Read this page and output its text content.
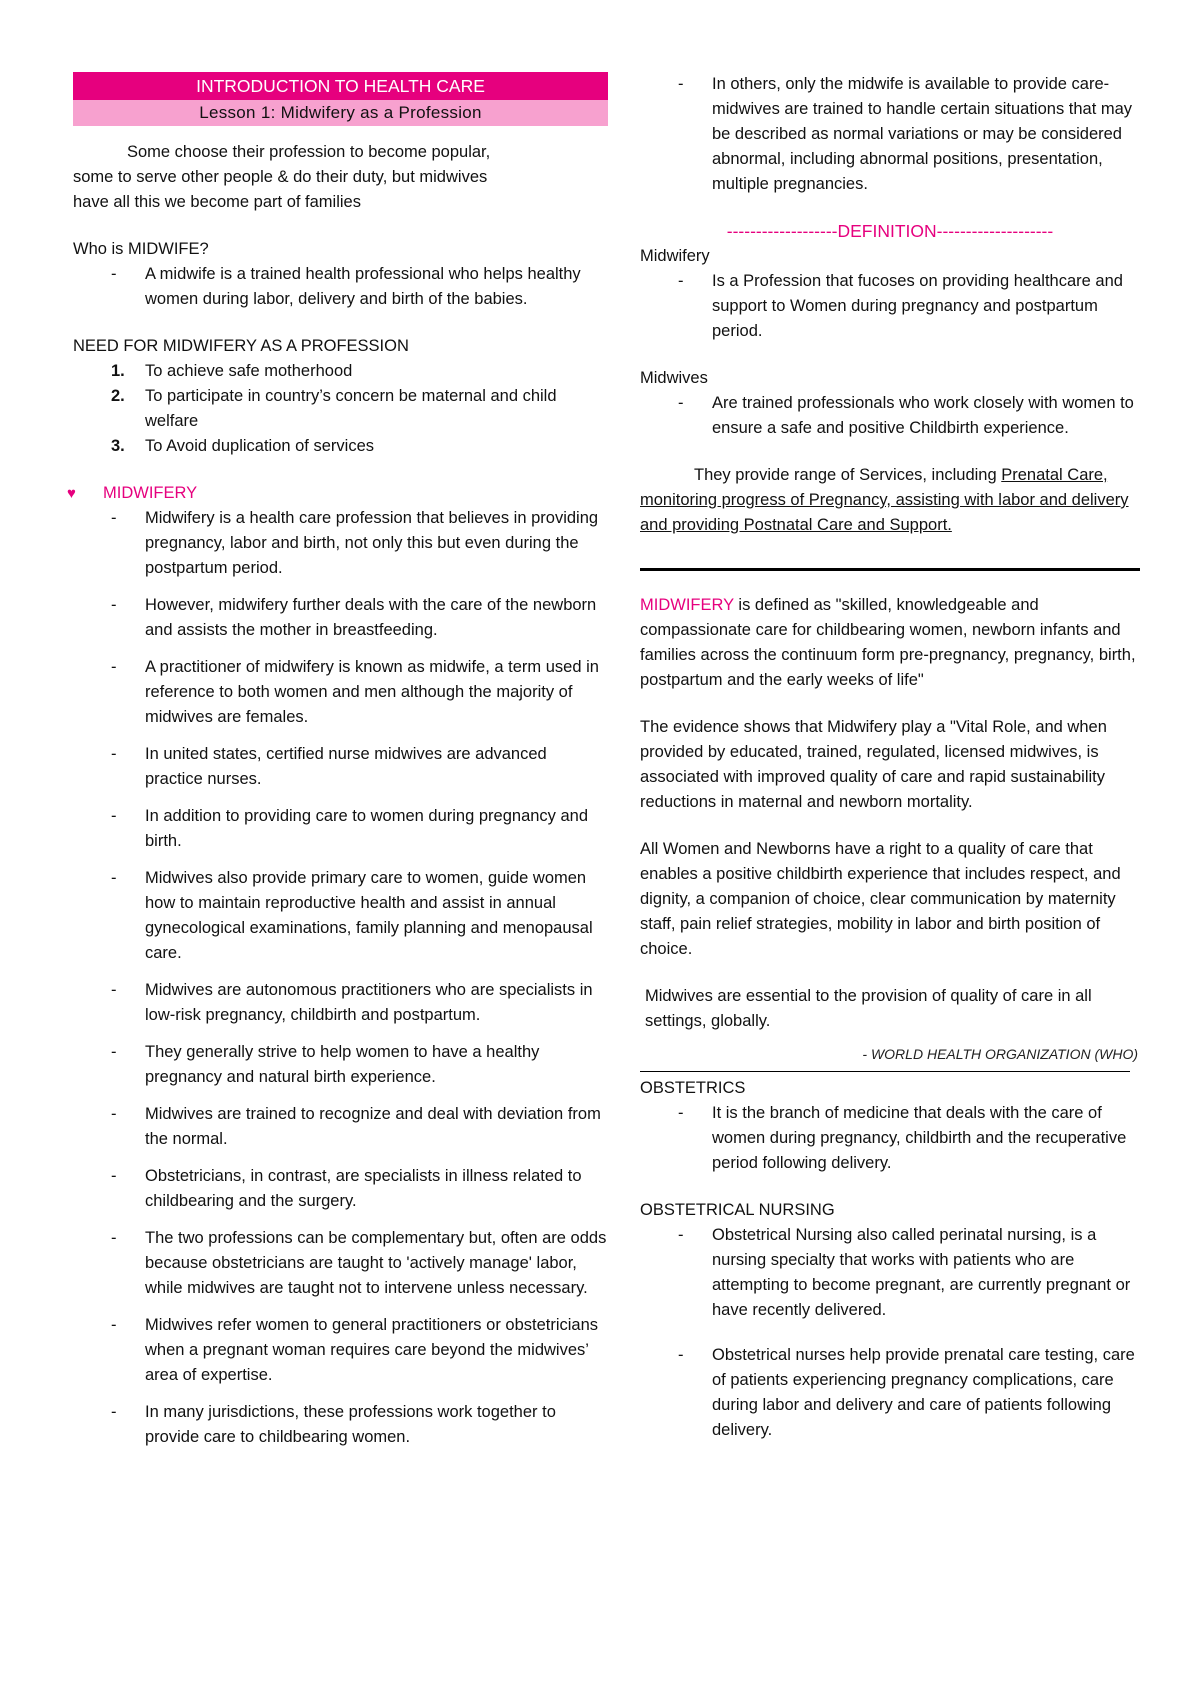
INTRODUCTION TO HEALTH CARE
Lesson 1: Midwifery as a Profession
Some choose their profession to become popular,
some to serve other people & do their duty, but midwives
have all this we become part of families
Who is MIDWIFE?
- A midwife is a trained health professional who helps healthy women during labor, delivery and birth of the babies.
NEED FOR MIDWIFERY AS A PROFESSION
1. To achieve safe motherhood
2. To participate in country’s concern be maternal and child welfare
3. To Avoid duplication of services
♥ MIDWIFERY
- Midwifery is a health care profession that believes in providing pregnancy, labor and birth, not only this but even during the postpartum period.
- However, midwifery further deals with the care of the newborn and assists the mother in breastfeeding.
- A practitioner of midwifery is known as midwife, a term used in reference to both women and men although the majority of midwives are females.
- In united states, certified nurse midwives are advanced practice nurses.
- In addition to providing care to women during pregnancy and birth.
- Midwives also provide primary care to women, guide women how to maintain reproductive health and assist in annual gynecological examinations, family planning and menopausal care.
- Midwives are autonomous practitioners who are specialists in low-risk pregnancy, childbirth and postpartum.
- They generally strive to help women to have a healthy pregnancy and natural birth experience.
- Midwives are trained to recognize and deal with deviation from the normal.
- Obstetricians, in contrast, are specialists in illness related to childbearing and the surgery.
- The two professions can be complementary but, often are odds because obstetricians are taught to 'actively manage' labor, while midwives are taught not to intervene unless necessary.
- Midwives refer women to general practitioners or obstetricians when a pregnant woman requires care beyond the midwives’ area of expertise.
- In many jurisdictions, these professions work together to provide care to childbearing women.
- In others, only the midwife is available to provide care- midwives are trained to handle certain situations that may be described as normal variations or may be considered abnormal, including abnormal positions, presentation, multiple pregnancies.
-------------------DEFINITION--------------------
Midwifery
- Is a Profession that fucoses on providing healthcare and support to Women during pregnancy and postpartum period.
Midwives
- Are trained professionals who work closely with women to ensure a safe and positive Childbirth experience.
They provide range of Services, including Prenatal Care, monitoring progress of Pregnancy, assisting with labor and delivery and providing Postnatal Care and Support.
MIDWIFERY is defined as "skilled, knowledgeable and compassionate care for childbearing women, newborn infants and families across the continuum form pre-pregnancy, pregnancy, birth, postpartum and the early weeks of life"
The evidence shows that Midwifery play a "Vital Role, and when provided by educated, trained, regulated, licensed midwives, is associated with improved quality of care and rapid sustainability reductions in maternal and newborn mortality.
All Women and Newborns have a right to a quality of care that enables a positive childbirth experience that includes respect, and dignity, a companion of choice, clear communication by maternity staff, pain relief strategies, mobility in labor and birth position of choice.
Midwives are essential to the provision of quality of care in all settings, globally.
- WORLD HEALTH ORGANIZATION (WHO)
OBSTETRICS
- It is the branch of medicine that deals with the care of women during pregnancy, childbirth and the recuperative period following delivery.
OBSTETRICAL NURSING
- Obstetrical Nursing also called perinatal nursing, is a nursing specialty that works with patients who are attempting to become pregnant, are currently pregnant or have recently delivered.
- Obstetrical nurses help provide prenatal care testing, care of patients experiencing pregnancy complications, care during labor and delivery and care of patients following delivery.
